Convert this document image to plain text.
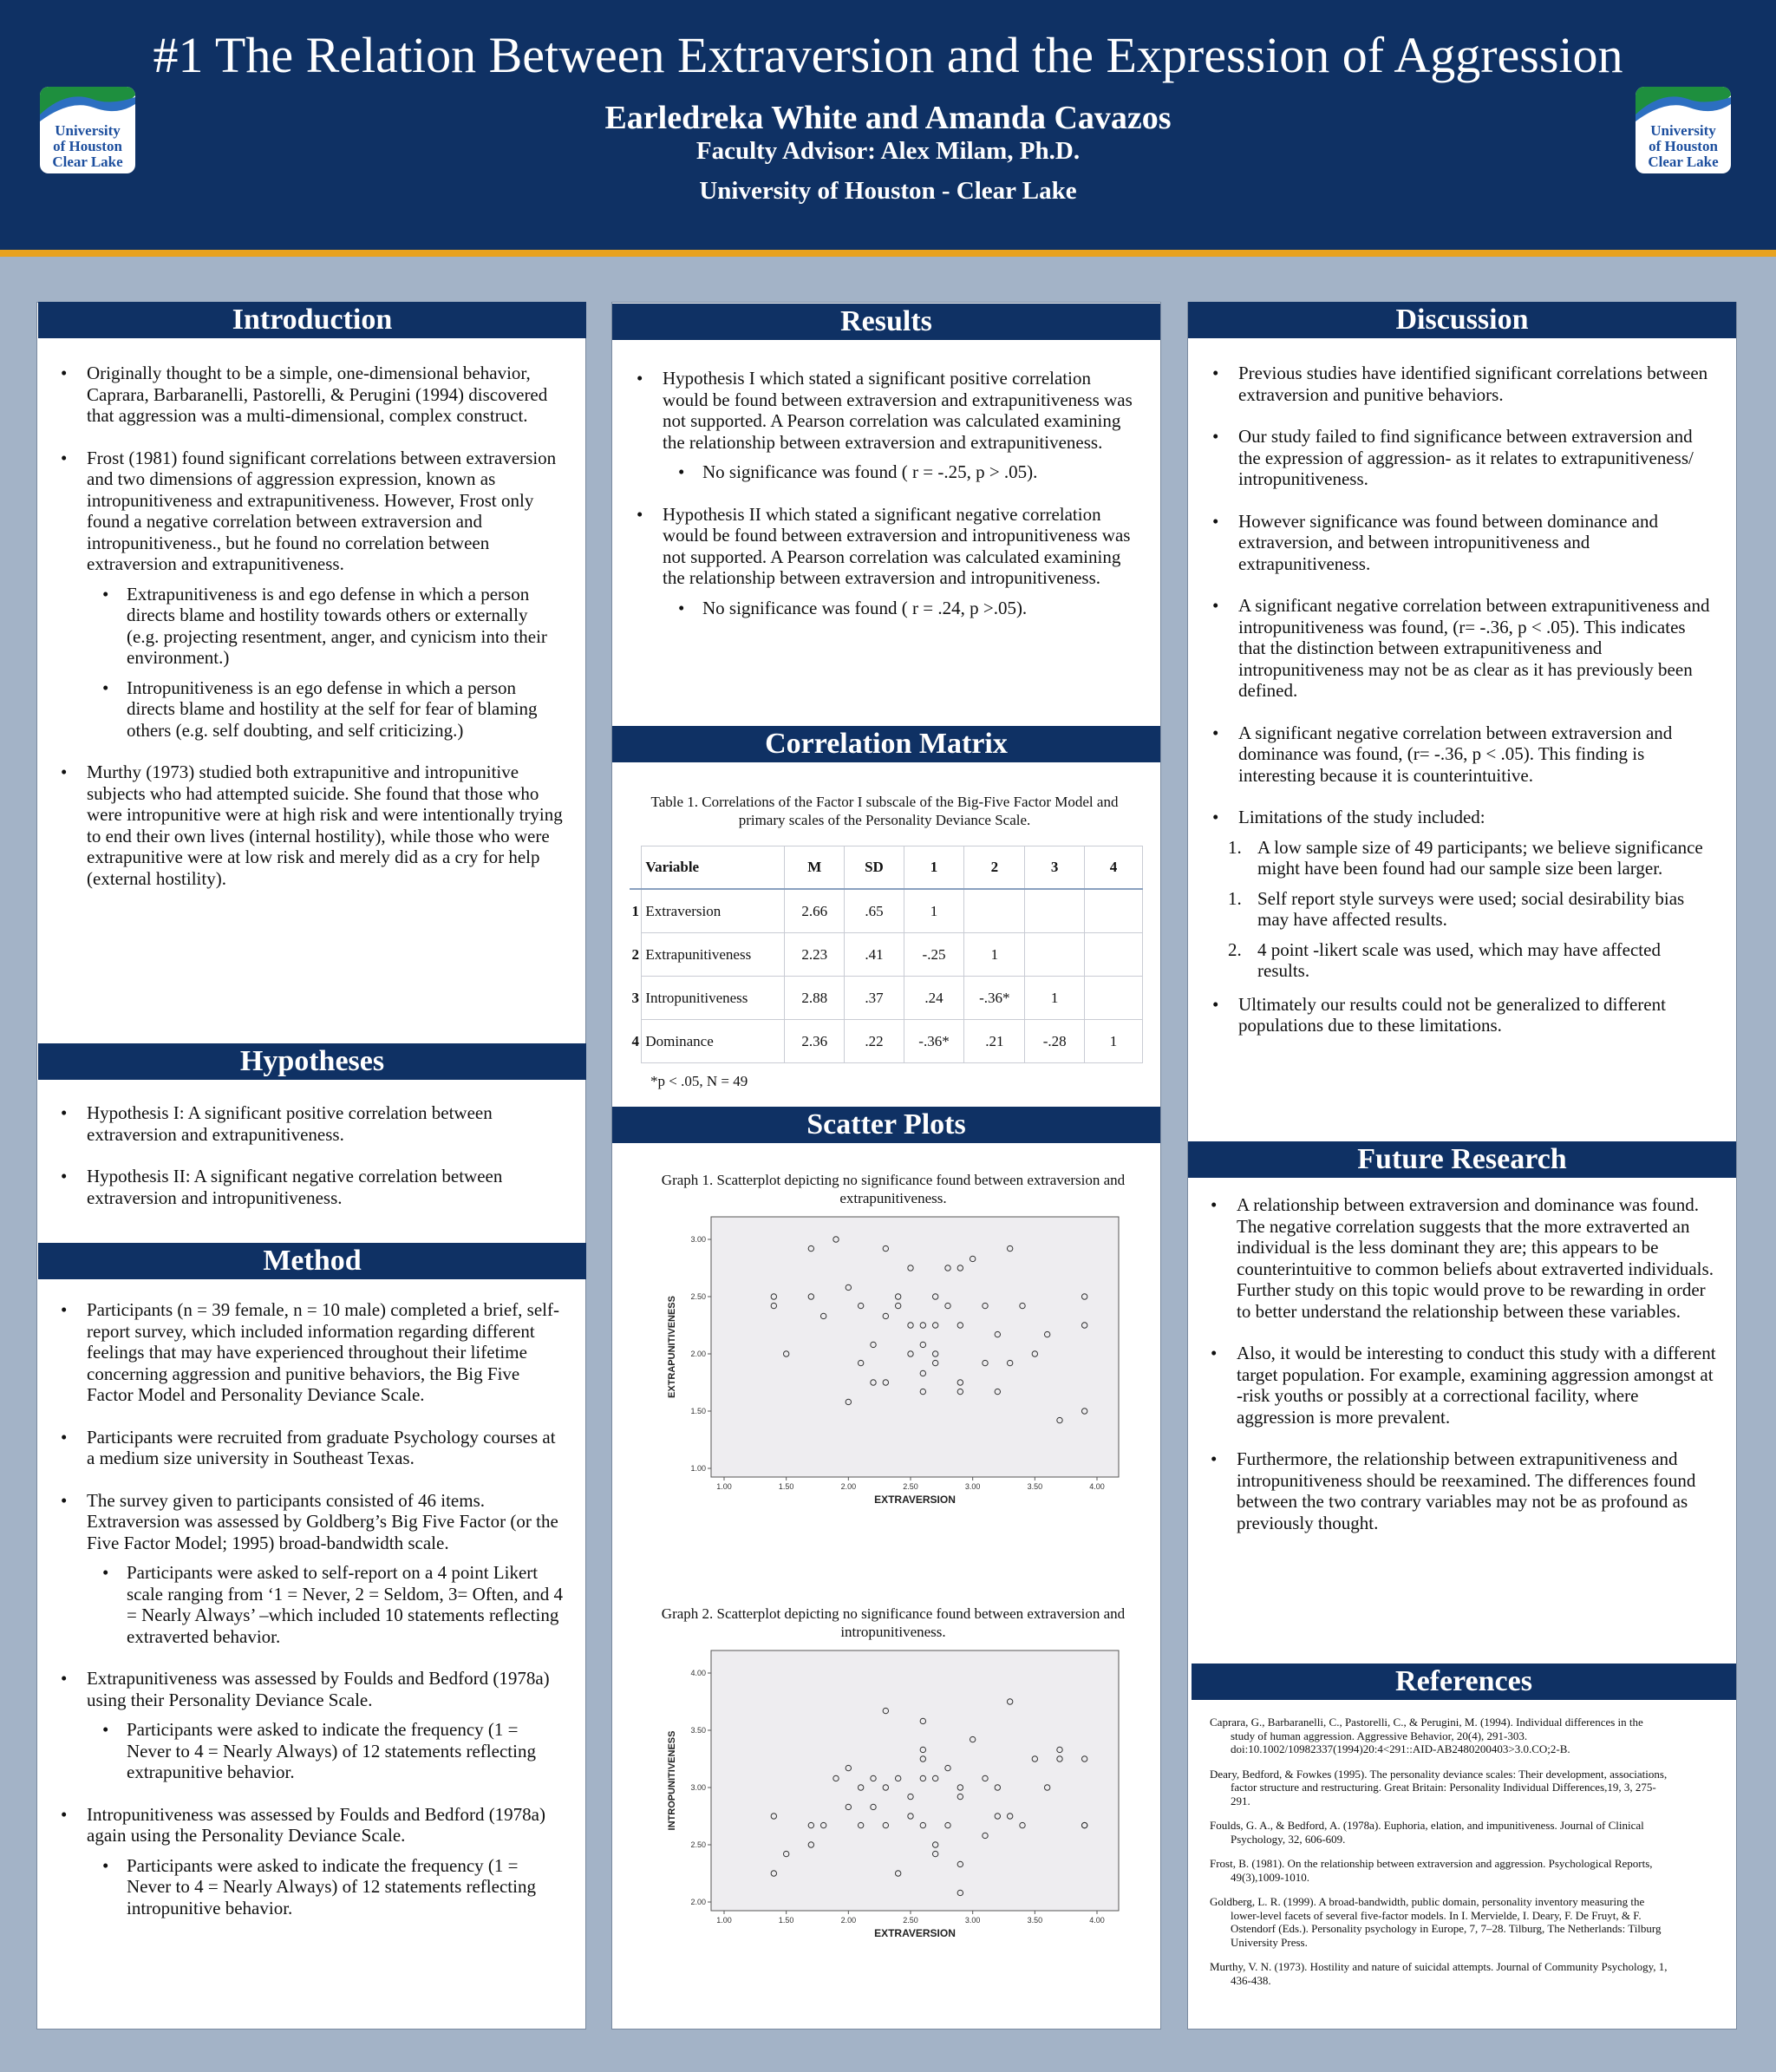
#1 The Relation Between Extraversion and the Expression of Aggression
Earledreka White and Amanda Cavazos
Faculty Advisor: Alex Milam, Ph.D.
University of Houston - Clear Lake
University
of Houston
Clear Lake
University
of Houston
Clear Lake
Introduction
• Originally thought to be a simple, one-dimensional behavior, Caprara, Barbaranelli, Pastorelli, & Perugini (1994) discovered that aggression was a multi-dimensional, complex construct.
• Frost (1981) found significant correlations between extraversion and two dimensions of aggression expression, known as intropunitiveness and extrapunitiveness. However, Frost only found a negative correlation between extraversion and intropunitiveness., but he found no correlation between extraversion and extrapunitiveness.
• Extrapunitiveness is and ego defense in which a person directs blame and hostility towards others or externally (e.g. projecting resentment, anger, and cynicism into their environment.)
• Intropunitiveness is an ego defense in which a person directs blame and hostility at the self for fear of blaming others (e.g. self doubting, and self criticizing.)
• Murthy (1973) studied both extrapunitive and intropunitive subjects who had attempted suicide. She found that those who were intropunitive were at high risk and were intentionally trying to end their own lives (internal hostility), while those who were extrapunitive were at low risk and merely did as a cry for help (external hostility).
Hypotheses
• Hypothesis I: A significant positive correlation between extraversion and extrapunitiveness.
• Hypothesis II: A significant negative correlation between extraversion and intropunitiveness.
Method
• Participants (n = 39 female, n = 10 male) completed a brief, self-report survey, which included information regarding different feelings that may have experienced throughout their lifetime concerning aggression and punitive behaviors, the Big Five Factor Model and Personality Deviance Scale.
• Participants were recruited from graduate Psychology courses at a medium size university in Southeast Texas.
• The survey given to participants consisted of 46 items. Extraversion was assessed by Goldberg’s Big Five Factor (or the Five Factor Model; 1995) broad-bandwidth scale.
• Participants were asked to self-report on a 4 point Likert scale ranging from ‘1 = Never, 2 = Seldom, 3= Often, and 4 = Nearly Always’ –which included 10 statements reflecting extraverted behavior.
• Extrapunitiveness was assessed by Foulds and Bedford (1978a) using their Personality Deviance Scale.
• Participants were asked to indicate the frequency (1 = Never to 4 = Nearly Always) of 12 statements reflecting extrapunitive behavior.
• Intropunitiveness was assessed by Foulds and Bedford (1978a) again using the Personality Deviance Scale.
• Participants were asked to indicate the frequency (1 = Never to 4 = Nearly Always) of 12 statements reflecting intropunitive behavior.
Results
• Hypothesis I which stated a significant positive correlation would be found between extraversion and extrapunitiveness was not supported. A Pearson correlation was calculated examining the relationship between extraversion and extrapunitiveness.
• No significance was found ( r = -.25, p > .05).
• Hypothesis II which stated a significant negative correlation would be found between extraversion and intropunitiveness was not supported. A Pearson correlation was calculated examining the relationship between extraversion and intropunitiveness.
• No significance was found ( r = .24, p >.05).
Correlation Matrix
Table 1. Correlations of the Factor I subscale of the Big-Five Factor Model and primary scales of the Personality Deviance Scale.
	Variable	M	SD	1	2	3	4
1	Extraversion	2.66	.65	1			
2	Extrapunitiveness	2.23	.41	-.25	1		
3	Intropunitiveness	2.88	.37	.24	-.36*	1	
4	Dominance	2.36	.22	-.36*	.21	-.28	1
*p < .05, N = 49
Scatter Plots
Graph 1. Scatterplot depicting no significance found between extraversion and extrapunitiveness.
1.00	1.50	2.00	2.50	3.00	3.50	4.00
1.00
1.50
2.00
2.50
3.00
EXTRAVERSION
EXTRAPUNITIVENESS
Graph 2. Scatterplot depicting no significance found between extraversion and intropunitiveness.
1.00	1.50	2.00	2.50	3.00	3.50	4.00
2.00
2.50
3.00
3.50
4.00
EXTRAVERSION
INTROPUNITIVENESS
Discussion
• Previous studies have identified significant correlations between extraversion and punitive behaviors.
• Our study failed to find significance between extraversion and the expression of aggression- as it relates to extrapunitiveness/ intropunitiveness.
• However significance was found between dominance and extraversion, and between intropunitiveness and extrapunitiveness.
• A significant negative correlation between extrapunitiveness and intropunitiveness was found, (r= -.36, p < .05). This indicates that the distinction between extrapunitiveness and intropunitiveness may not be as clear as it has previously been defined.
• A significant negative correlation between extraversion and dominance was found, (r= -.36, p < .05). This finding is interesting because it is counterintuitive.
• Limitations of the study included:
1. A low sample size of 49 participants; we believe significance might have been found had our sample size been larger.
1. Self report style surveys were used; social desirability bias may have affected results.
2. 4 point -likert scale was used, which may have affected results.
• Ultimately our results could not be generalized to different populations due to these limitations.
Future Research
• A relationship between extraversion and dominance was found. The negative correlation suggests that the more extraverted an individual is the less dominant they are; this appears to be counterintuitive to common beliefs about extraverted individuals. Further study on this topic would prove to be rewarding in order to better understand the relationship between these variables.
• Also, it would be interesting to conduct this study with a different target population. For example, examining aggression amongst at -risk youths or possibly at a correctional facility, where aggression is more prevalent.
• Furthermore, the relationship between extrapunitiveness and intropunitiveness should be reexamined. The differences found between the two contrary variables may not be as profound as previously thought.
References

Caprara, G., Barbaranelli, C., Pastorelli, C., & Perugini, M. (1994). Individual differences in the study of human aggression. Aggressive Behavior, 20(4), 291-303. doi:10.1002/10982337(1994)20:4<291::AID-AB2480200403>3.0.CO;2-B.

Deary, Bedford, & Fowkes (1995). The personality deviance scales: Their development, associations, factor structure and restructuring. Great Britain: Personality Individual Differences,19, 3, 275-291.

Foulds, G. A., & Bedford, A. (1978a). Euphoria, elation, and impunitiveness. Journal of Clinical Psychology, 32, 606-609.

Frost, B. (1981). On the relationship between extraversion and aggression. Psychological Reports, 49(3),1009-1010.

Goldberg, L. R. (1999). A broad-bandwidth, public domain, personality inventory measuring the lower-level facets of several five-factor models. In I. Mervielde, I. Deary, F. De Fruyt, & F. Ostendorf (Eds.). Personality psychology in Europe, 7, 7–28. Tilburg, The Netherlands: Tilburg University Press.

Murthy, V. N. (1973). Hostility and nature of suicidal attempts. Journal of Community Psychology, 1, 436-438.
